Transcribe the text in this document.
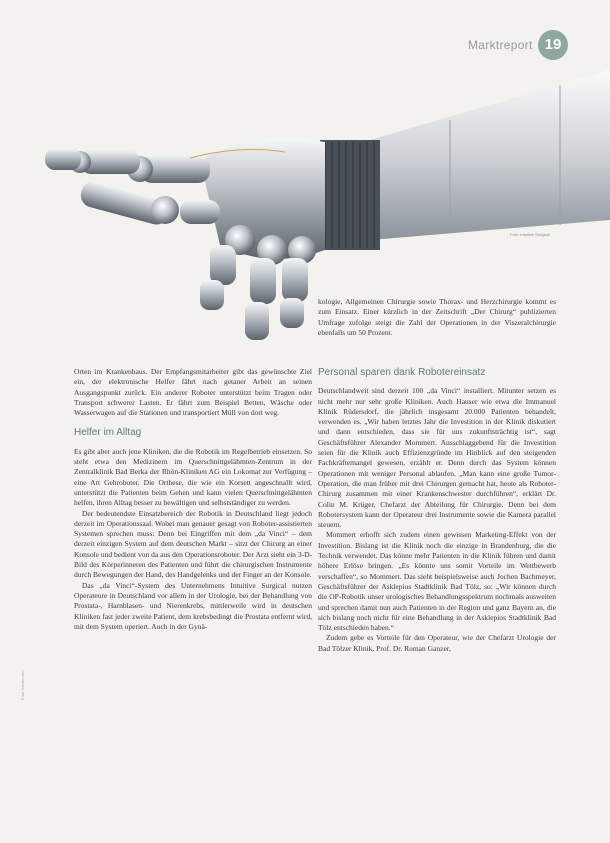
Marktreport 19
Foto: Intuitive Surgical
Foto: fotolia.com

kologie, Allgemeinen Chirurgie sowie Thorax- und Herzchirurgie kommt es zum Einsatz. Einer kürzlich in der Zeitschrift „Der Chirurg“ publizierten Umfrage zufolge steigt die Zahl der Operationen in der Viszeralchirurgie ebenfalls um 50 Prozent.

Orten im Krankenhaus. Der Empfangsmitarbeiter gibt das gewünschte Ziel ein, der elektronische Helfer fährt nach getaner Arbeit an seinen Ausgangspunkt zurück. Ein anderer Roboter unterstützt beim Tragen oder Transport schwerer Lasten. Er fährt zum Beispiel Betten, Wäsche oder Wasserwagen auf die Stationen und transportiert Müll von dort weg.

Helfer im Alltag

Es gibt aber auch jene Kliniken, die die Robotik im Regelbetrieb einsetzen. So steht etwa den Medizinern im Querschnittgelähmten-Zentrum in der Zentralklinik Bad Berka der Rhön-Kliniken AG ein Lokomat zur Verfügung – eine Art Gehroboter. Die Orthese, die wie ein Korsett angeschnallt wird, unterstützt die Patienten beim Gehen und kann vielen Querschnittgelähmten helfen, ihren Alltag besser zu bewältigen und selbstständiger zu werden.

Der bedeutendste Einsatzbereich der Robotik in Deutschland liegt jedoch derzeit im Operationssaal. Wobei man genauer gesagt von Roboter-assistierten Systemen sprechen muss: Denn bei Eingriffen mit dem „da Vinci“ – dem derzeit einzigen System auf dem deutschen Markt – sitzt der Chirurg an einer Konsole und bedient von da aus den Operationsroboter. Der Arzt sieht ein 3-D-Bild des Körperinneren des Patienten und führt die chirurgischen Instrumente durch Bewegungen der Hand, des Handgelenks und der Finger an der Konsole.

Das „da Vinci“-System des Unternehmens Intuitive Surgical nutzen Operateure in Deutschland vor allem in der Urologie, bei der Behandlung von Prostata-, Harnblasen- und Nierenkrebs, mittlerweile wird in deutschen Kliniken fast jeder zweite Patient, dem krebsbedingt die Prostata entfernt wird, mit dem System operiert. Auch in der Gynä-

Personal sparen dank Robotereinsatz

Deutschlandweit sind derzeit 100 „da Vinci“ installiert. Mitunter setzen es nicht mehr nur sehr große Kliniken. Auch Hauser wie etwa die Immanuel Klinik Rüdersdorf, die jährlich insgesamt 20.000 Patienten behandelt, verwenden es. „Wir haben letztes Jahr die Investition in der Klinik diskutiert und dann entschieden, dass sie für uns zukunftsträchtig ist“, sagt Geschäftsführer Alexander Mommert. Ausschlaggebend für die Investition seien für die Klinik auch Effizienzgründe im Hinblick auf den steigenden Fachkräftemangel gewesen, erzählt er. Denn durch das System können Operationen mit weniger Personal ablaufen. „Man kann eine große Tumor-Operation, die man früher mit drei Chirurgen gemacht hat, heute als Roboter-Chirurg zusammen mit einer Krankenschwester durchführen“, erklärt Dr. Colin M. Krüger, Chefarzt der Abteilung für Chirurgie. Denn bei dem Robotersystem kann der Operateur drei Instrumente sowie die Kamera parallel steuern.

Mommert erhofft sich zudem einen gewissen Marketing-Effekt von der Investition. Bislang ist die Klinik noch die einzige in Brandenburg, die die Technik verwendet. Das könne mehr Patienten in die Klinik führen und damit höhere Erlöse bringen. „Es könnte uns somit Vorteile im Wettbewerb verschaffen“, so Mommert. Das sieht beispielsweise auch Jochen Bachmeyer, Geschäftsführer der Asklepios Stadtklinik Bad Tölz, so: „Wir können durch die OP-Robotik unser urologisches Behandlungsspektrum nochmals ausweiten und sprechen damit nun auch Patienten in der Region und ganz Bayern an, die sich bislang noch nicht für eine Behandlung in der Asklepios Stadtklinik Bad Tölz entschieden haben.“

Zudem gebe es Vorteile für den Operateur, wie der Chefarzt Urologie der Bad Tölzer Klinik, Prof. Dr. Roman Ganzer,
